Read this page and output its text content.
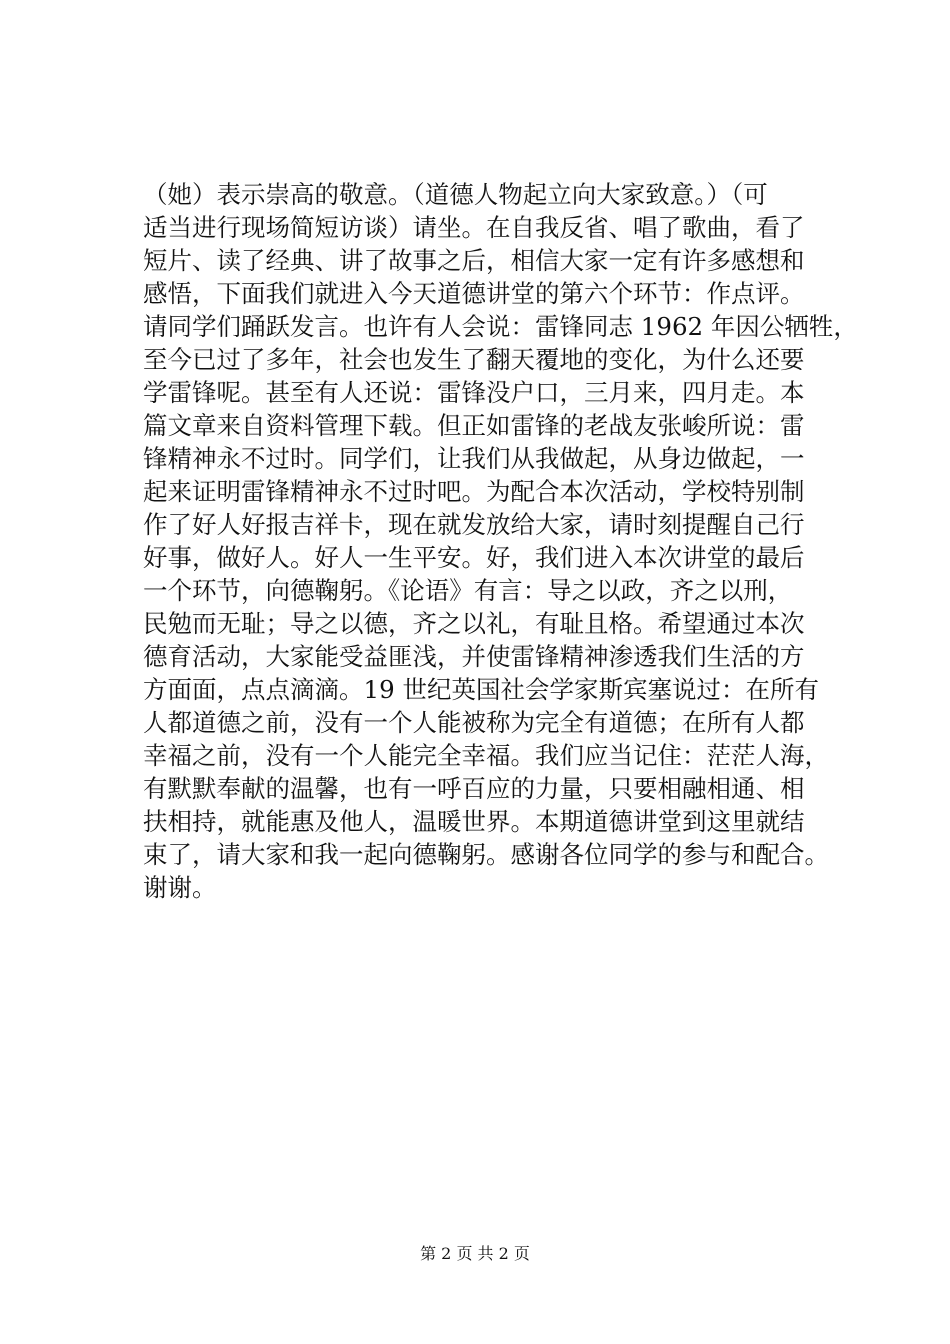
（她）表示崇高的敬意。（道德人物起立向大家致意。）（可
适当进行现场简短访谈）请坐。在自我反省、唱了歌曲，看了
短片、读了经典、讲了故事之后，相信大家一定有许多感想和
感悟，下面我们就进入今天道德讲堂的第六个环节：作点评。
请同学们踊跃发言。也许有人会说：雷锋同志 1962 年因公牺牲，
至今已过了多年，社会也发生了翻天覆地的变化，为什么还要
学雷锋呢。甚至有人还说：雷锋没户口，三月来，四月走。本
篇文章来自资料管理下载。但正如雷锋的老战友张峻所说：雷
锋精神永不过时。同学们，让我们从我做起，从身边做起，一
起来证明雷锋精神永不过时吧。为配合本次活动，学校特别制
作了好人好报吉祥卡，现在就发放给大家，请时刻提醒自己行
好事，做好人。好人一生平安。好，我们进入本次讲堂的最后
一个环节，向德鞠躬。《论语》有言：导之以政，齐之以刑，
民勉而无耻；导之以德，齐之以礼，有耻且格。希望通过本次
德育活动，大家能受益匪浅，并使雷锋精神渗透我们生活的方
方面面，点点滴滴。19 世纪英国社会学家斯宾塞说过：在所有
人都道德之前，没有一个人能被称为完全有道德；在所有人都
幸福之前，没有一个人能完全幸福。我们应当记住：茫茫人海，
有默默奉献的温馨，也有一呼百应的力量，只要相融相通、相
扶相持，就能惠及他人，温暖世界。本期道德讲堂到这里就结
束了，请大家和我一起向德鞠躬。感谢各位同学的参与和配合。
谢谢。
第 2 页 共 2 页
